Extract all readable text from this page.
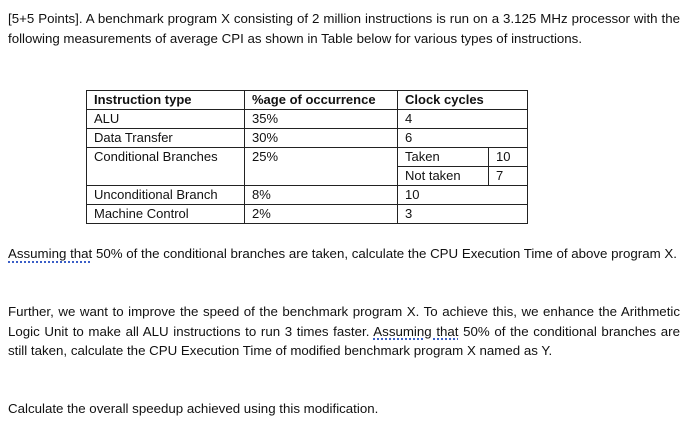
[5+5 Points]. A benchmark program X consisting of 2 million instructions is run on a 3.125 MHz processor with the following measurements of average CPI as shown in Table below for various types of instructions.

Instruction type	%age of occurrence	Clock cycles	
ALU	35%	4	
Data Transfer	30%	6	
Conditional Branches	25%	Taken	10
		Not taken	7
Unconditional Branch	8%	10	
Machine Control	2%	3	

Assuming that 50% of the conditional branches are taken, calculate the CPU Execution Time of above program X.

Further, we want to improve the speed of the benchmark program X. To achieve this, we enhance the Arithmetic Logic Unit to make all ALU instructions to run 3 times faster. Assuming that 50% of the conditional branches are still taken, calculate the CPU Execution Time of modified benchmark program X named as Y.

Calculate the overall speedup achieved using this modification.
